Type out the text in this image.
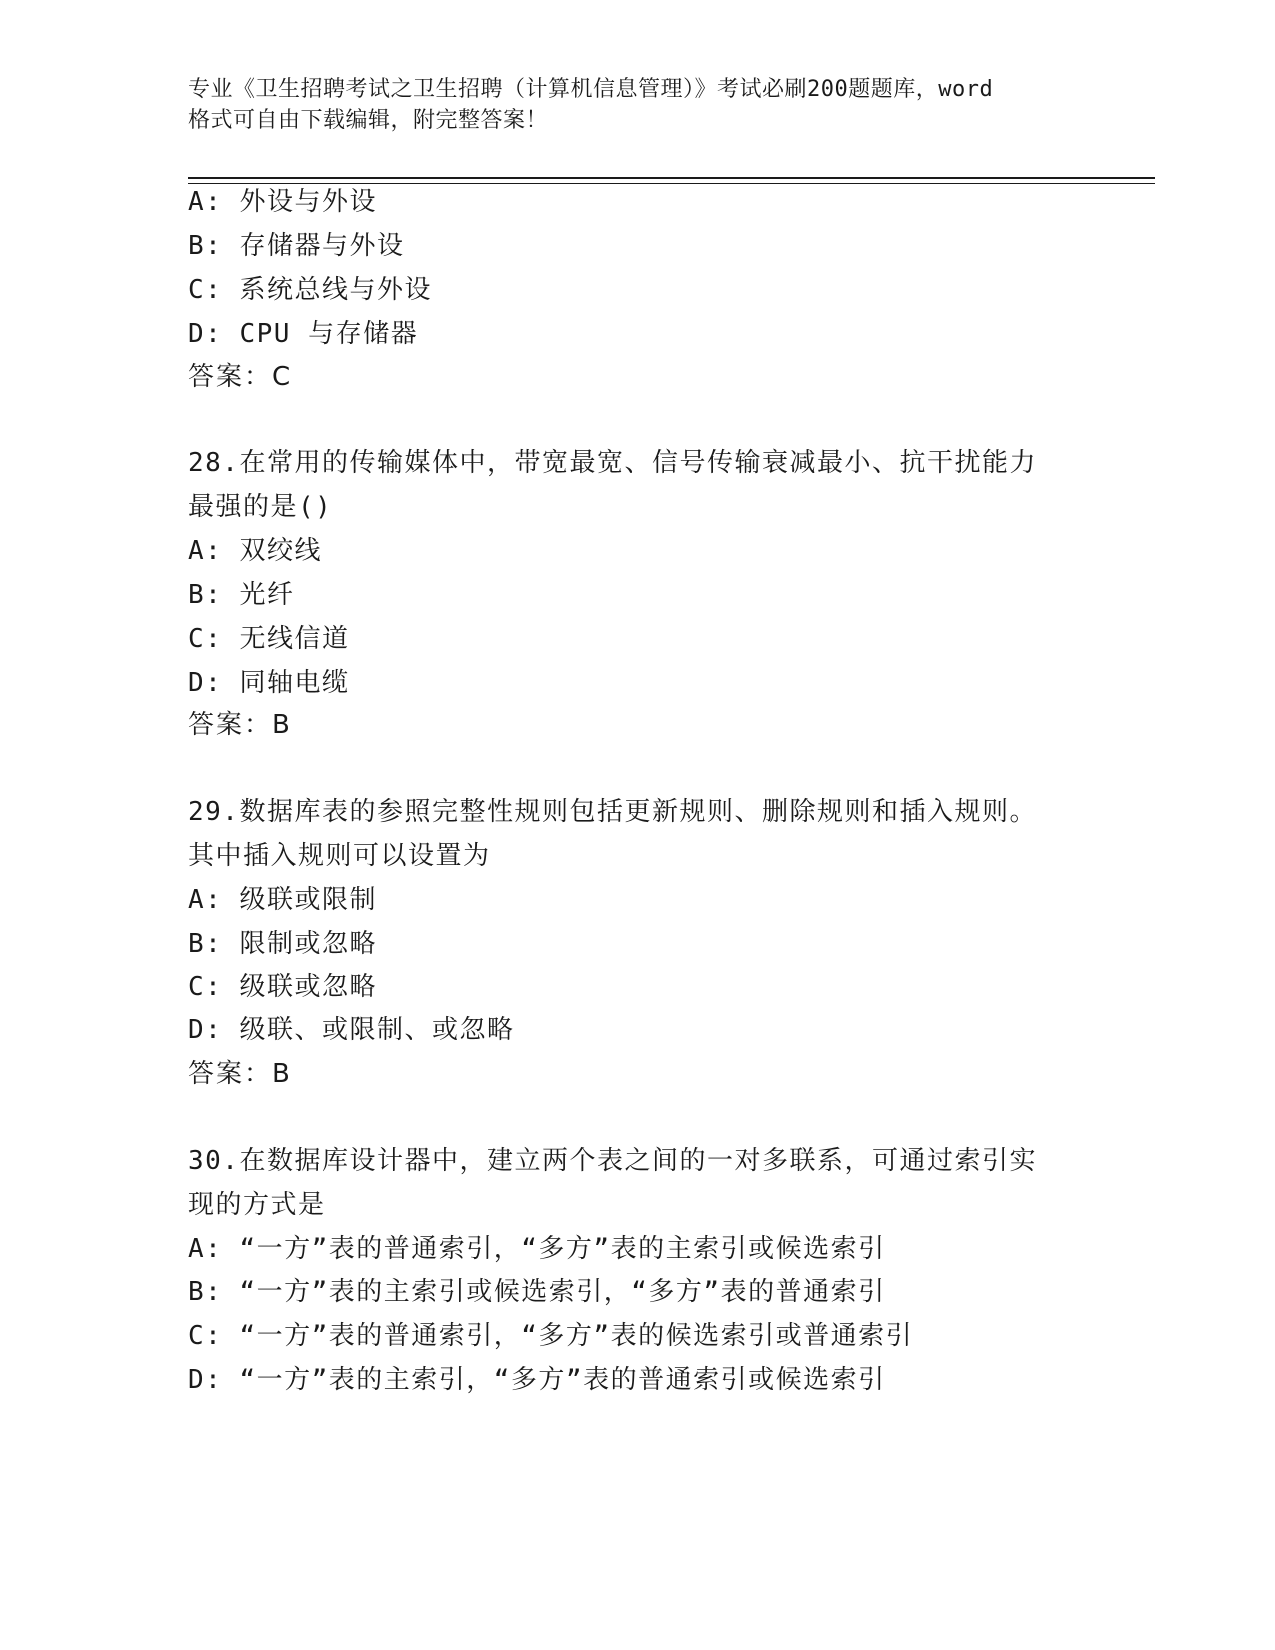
专业《卫生招聘考试之卫生招聘（计算机信息管理）》考试必刷200题题库，word
格式可自由下载编辑，附完整答案！
A: 外设与外设
B: 存储器与外设
C: 系统总线与外设
D: CPU 与存储器
答案：C
28.在常用的传输媒体中，带宽最宽、信号传输衰减最小、抗干扰能力
最强的是()
A: 双绞线
B: 光纤
C: 无线信道
D: 同轴电缆
答案：B
29.数据库表的参照完整性规则包括更新规则、删除规则和插入规则。
其中插入规则可以设置为
A: 级联或限制
B: 限制或忽略
C: 级联或忽略
D: 级联、或限制、或忽略
答案：B
30.在数据库设计器中，建立两个表之间的一对多联系，可通过索引实
现的方式是
A: “一方”表的普通索引，“多方”表的主索引或候选索引
B: “一方”表的主索引或候选索引，“多方”表的普通索引
C: “一方”表的普通索引，“多方”表的候选索引或普通索引
D: “一方”表的主索引，“多方”表的普通索引或候选索引
